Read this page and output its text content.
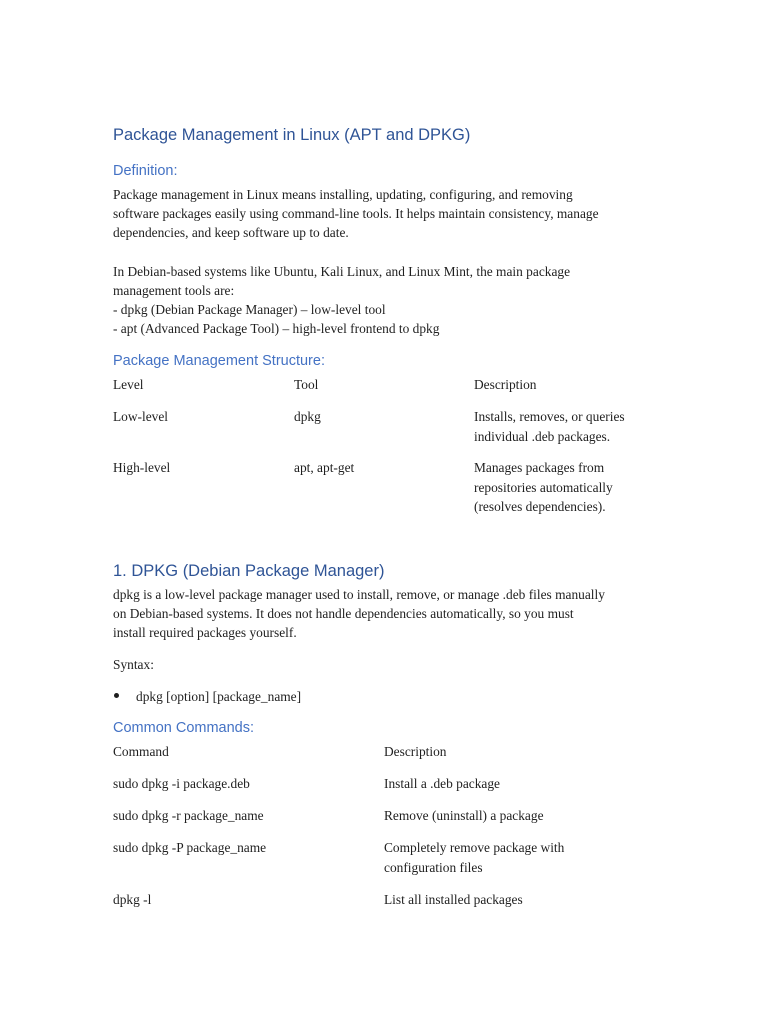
Package Management in Linux (APT and DPKG)
Definition:
Package management in Linux means installing, updating, configuring, and removing
software packages easily using command-line tools. It helps maintain consistency, manage
dependencies, and keep software up to date.
In Debian-based systems like Ubuntu, Kali Linux, and Linux Mint, the main package
management tools are:
- dpkg (Debian Package Manager) – low-level tool
- apt (Advanced Package Tool) – high-level frontend to dpkg
Package Management Structure:
Level	Tool	Description
Low-level	dpkg	Installs, removes, or queries
individual .deb packages.
High-level	apt, apt-get	Manages packages from
repositories automatically
(resolves dependencies).
1. DPKG (Debian Package Manager)
dpkg is a low-level package manager used to install, remove, or manage .deb files manually
on Debian-based systems. It does not handle dependencies automatically, so you must
install required packages yourself.
Syntax:
dpkg [option] [package_name]
Common Commands:
Command	Description
sudo dpkg -i package.deb	Install a .deb package
sudo dpkg -r package_name	Remove (uninstall) a package
sudo dpkg -P package_name	Completely remove package with
configuration files
dpkg -l	List all installed packages
